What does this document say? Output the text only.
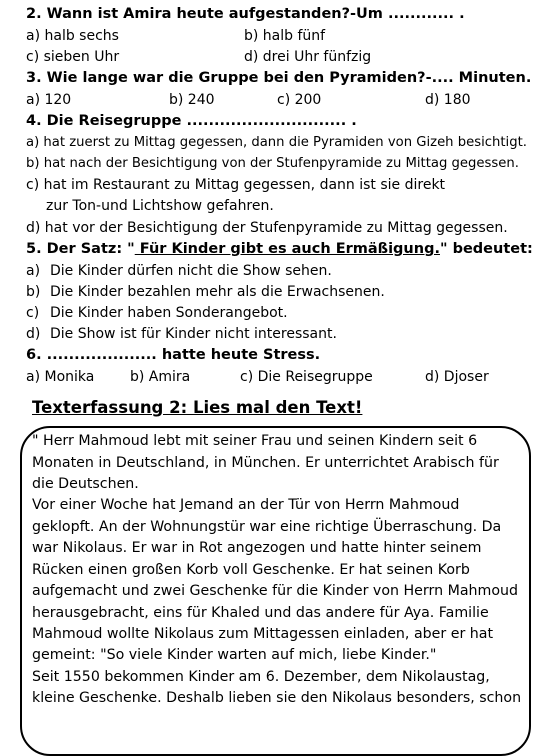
2. Wann ist Amira heute aufgestanden?-Um ............ .
a) halb sechs	b) halb fünf
c) sieben Uhr	d) drei Uhr fünfzig
3. Wie lange war die Gruppe bei den Pyramiden?-.... Minuten.
a) 120	b) 240	c) 200	d) 180
4. Die Reisegruppe ............................. .
a) hat zuerst zu Mittag gegessen, dann die Pyramiden von Gizeh besichtigt.
b) hat nach der Besichtigung von der Stufenpyramide zu Mittag gegessen.
c) hat im Restaurant zu Mittag gegessen, dann ist sie direkt
zur Ton-und Lichtshow gefahren.
d) hat vor der Besichtigung der Stufenpyramide zu Mittag gegessen.
5. Der Satz: " Für Kinder gibt es auch Ermäßigung." bedeutet:
a) Die Kinder dürfen nicht die Show sehen.
b) Die Kinder bezahlen mehr als die Erwachsenen.
c) Die Kinder haben Sonderangebot.
d) Die Show ist für Kinder nicht interessant.
6. .................... hatte heute Stress.
a) Monika	b) Amira	c) Die Reisegruppe	d) Djoser
Texterfassung 2: Lies mal den Text!
" Herr Mahmoud lebt mit seiner Frau und seinen Kindern seit 6
Monaten in Deutschland, in München. Er unterrichtet Arabisch für
die Deutschen.
Vor einer Woche hat Jemand an der Tür von Herrn Mahmoud
geklopft. An der Wohnungstür war eine richtige Überraschung. Da
war Nikolaus. Er war in Rot angezogen und hatte hinter seinem
Rücken einen großen Korb voll Geschenke. Er hat seinen Korb
aufgemacht und zwei Geschenke für die Kinder von Herrn Mahmoud
herausgebracht, eins für Khaled und das andere für Aya. Familie
Mahmoud wollte Nikolaus zum Mittagessen einladen, aber er hat
gemeint: "So viele Kinder warten auf mich, liebe Kinder."
Seit 1550 bekommen Kinder am 6. Dezember, dem Nikolaustag,
kleine Geschenke. Deshalb lieben sie den Nikolaus besonders, schon
